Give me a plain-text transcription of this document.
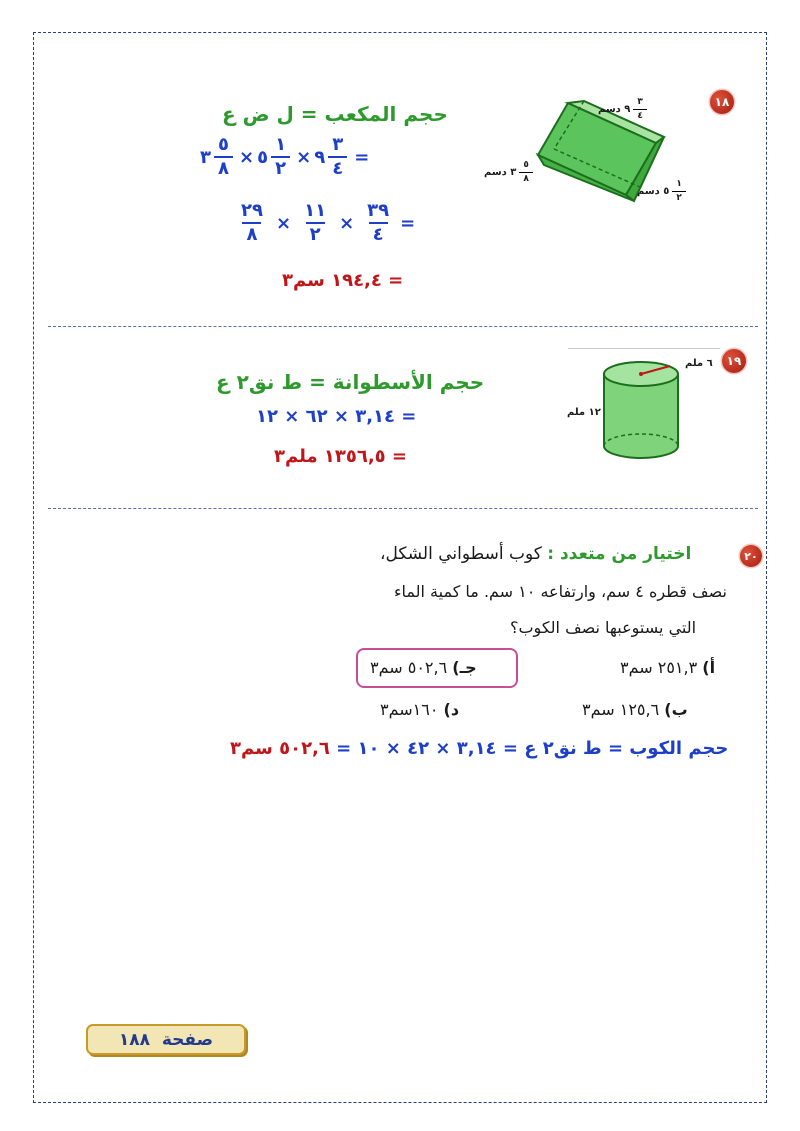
١٨
$\frac{٣}{٤}$
٩

دسم
$\frac{٥}{٨}$
٣

دسم
$\frac{١}{٢}$
٥

دسم
حجم المكعب = ل ض ع
٣ $\frac{٥}{٨}$ × ٥ $\frac{١}{٢}$ × ٩ $\frac{٣}{٤}$ =
$\frac{٢٩}{٨} \times \frac{١١}{٢} \times \frac{٣٩}{٤}$ =
= ١٩٤,٤ سم٣
١٩
٦ ملم
١٢ ملم
حجم الأسطوانة = ط نق٢ ع
= ٣,١٤ × ٦٢ × ١٢
= ١٣٥٦,٥ ملم٣
٢٠
اختيار من متعدد :

كوب أسطواني الشكل،
نصف قطره ٤ سم، وارتفاعه ١٠ سم. ما كمية الماء
التي يستوعبها نصف الكوب؟
أ)

٢٥١,٣ سم٣
جـ)

٥٠٢,٦ سم٣
ب)

١٢٥,٦ سم٣
د)

١٦٠سم٣
حجم الكوب = ط نق٢ ع

= ٣,١٤ × ٤٢ × ١٠ =

٥٠٢,٦ سم٣
صفحة

١٨٨
